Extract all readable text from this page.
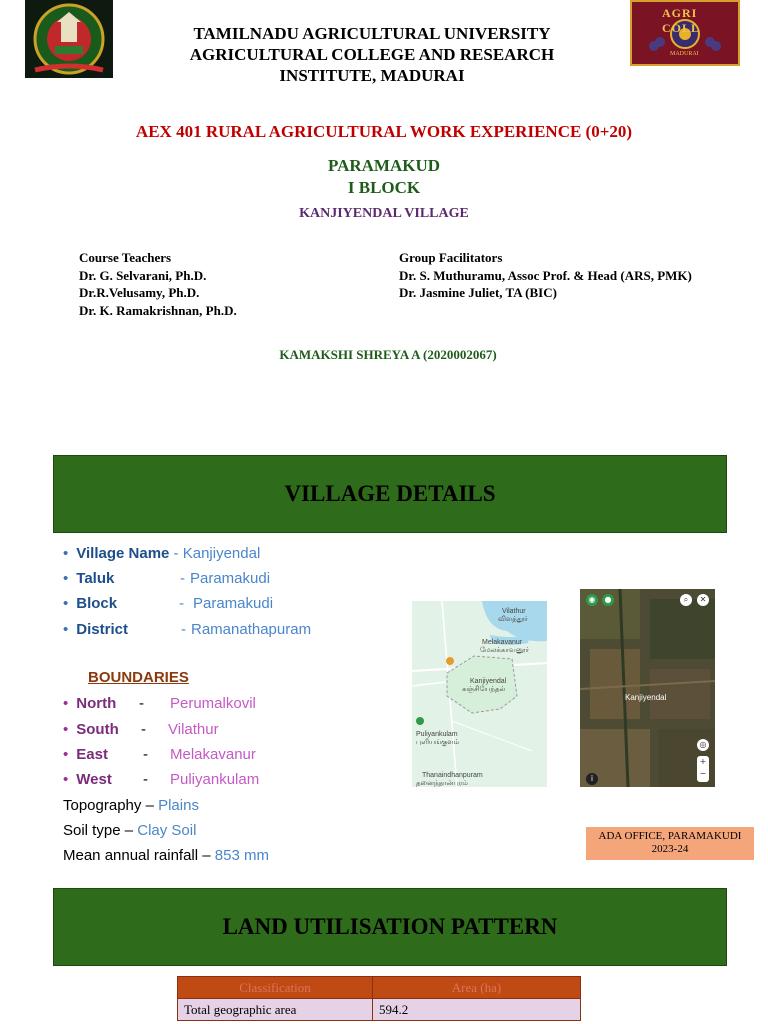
AGRI COLL
MADURAI
TAMILNADU AGRICULTURAL UNIVERSITY
AGRICULTURAL COLLEGE AND RESEARCH
INSTITUTE, MADURAI
AEX 401 RURAL AGRICULTURAL WORK EXPERIENCE (0+20)
PARAMAKUD
I BLOCK
KANJIYENDAL VILLAGE
Course Teachers
Dr. G. Selvarani, Ph.D.
Dr.R.Velusamy, Ph.D.
Dr. K. Ramakrishnan, Ph.D.
Group Facilitators
Dr. S. Muthuramu, Assoc Prof. & Head (ARS, PMK)
Dr. Jasmine Juliet, TA (BIC)
KAMAKSHI SHREYA A (2020002067)
VILLAGE DETAILS
• Village Name - Kanjiyendal
• Taluk	- Paramakudi
• Block	- Paramakudi
• District	- Ramanathapuram
BOUNDARIES
• North - Perumalkovil
• South - Vilathur
• East - Melakavanur
• West - Puliyankulam
Topography – Plains
Soil type – Clay Soil
Mean annual rainfall – 853 mm
Vilathur
விளத்தூர்
Melakavanur
மேலக்காவனூர்
Kanjiyendal
கஞ்சியேந்தல்
Puliyankulam
புளியங்குளம்
Thanaindhanpuram
தனைந்தான்புரம்
◉	●	⌕	✕
Kanjiyendal
◎
+
−
i
ADA OFFICE, PARAMAKUDI
2023-24
LAND UTILISATION PATTERN
Classification	Area (ha)
Total geographic area	594.2
